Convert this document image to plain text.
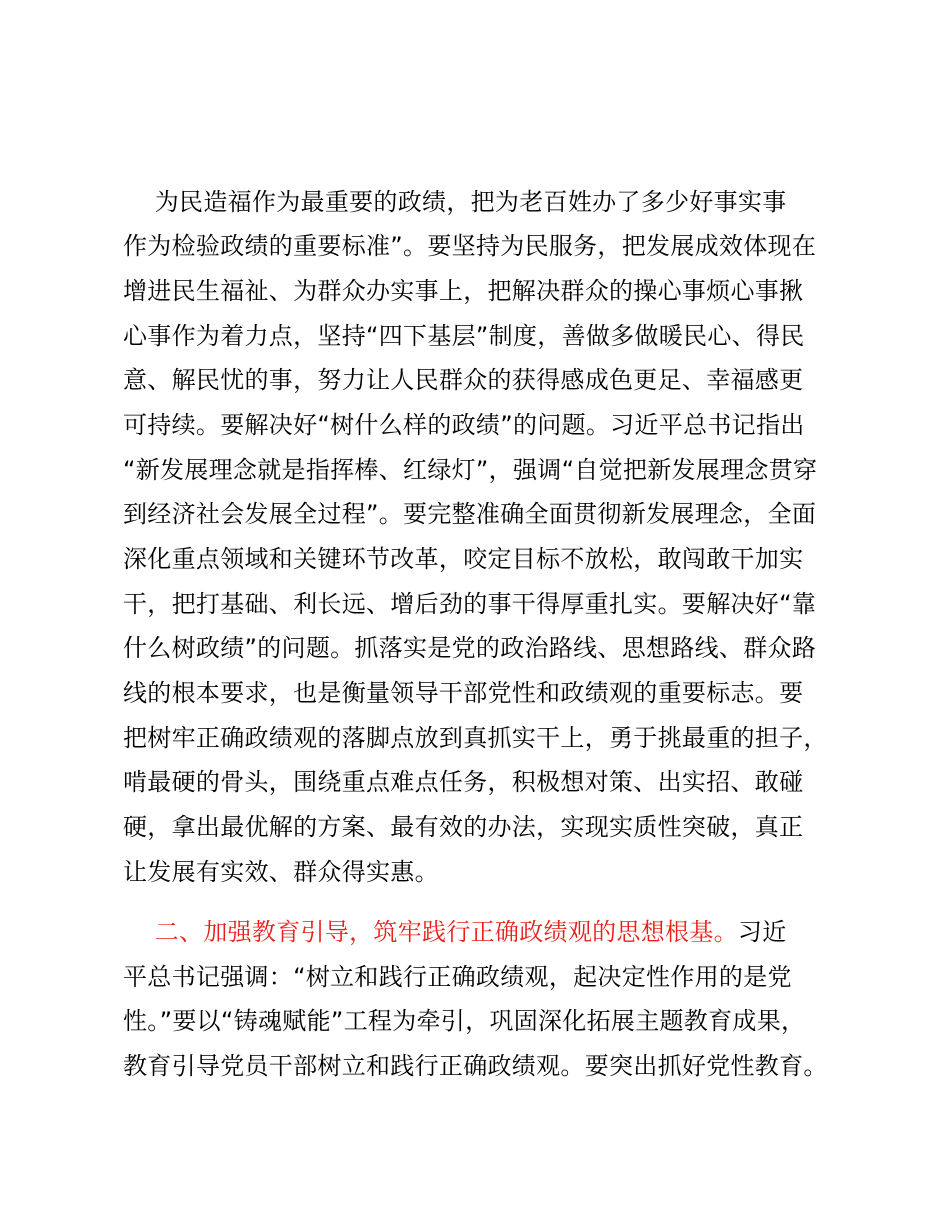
为民造福作为最重要的政绩，把为老百姓办了多少好事实事
作为检验政绩的重要标准”。要坚持为民服务，把发展成效体现在
增进民生福祉、为群众办实事上，把解决群众的操心事烦心事揪
心事作为着力点，坚持“四下基层”制度，善做多做暖民心、得民
意、解民忧的事，努力让人民群众的获得感成色更足、幸福感更
可持续。要解决好“树什么样的政绩”的问题。习近平总书记指出
“新发展理念就是指挥棒、红绿灯”，强调“自觉把新发展理念贯穿
到经济社会发展全过程”。要完整准确全面贯彻新发展理念，全面
深化重点领域和关键环节改革，咬定目标不放松，敢闯敢干加实
干，把打基础、利长远、增后劲的事干得厚重扎实。要解决好“靠
什么树政绩”的问题。抓落实是党的政治路线、思想路线、群众路
线的根本要求，也是衡量领导干部党性和政绩观的重要标志。要
把树牢正确政绩观的落脚点放到真抓实干上，勇于挑最重的担子，
啃最硬的骨头，围绕重点难点任务，积极想对策、出实招、敢碰
硬，拿出最优解的方案、最有效的办法，实现实质性突破，真正
让发展有实效、群众得实惠。
二、加强教育引导，筑牢践行正确政绩观的思想根基。习近
平总书记强调：“树立和践行正确政绩观，起决定性作用的是党
性。”要以“铸魂赋能”工程为牵引，巩固深化拓展主题教育成果，
教育引导党员干部树立和践行正确政绩观。要突出抓好党性教育。
